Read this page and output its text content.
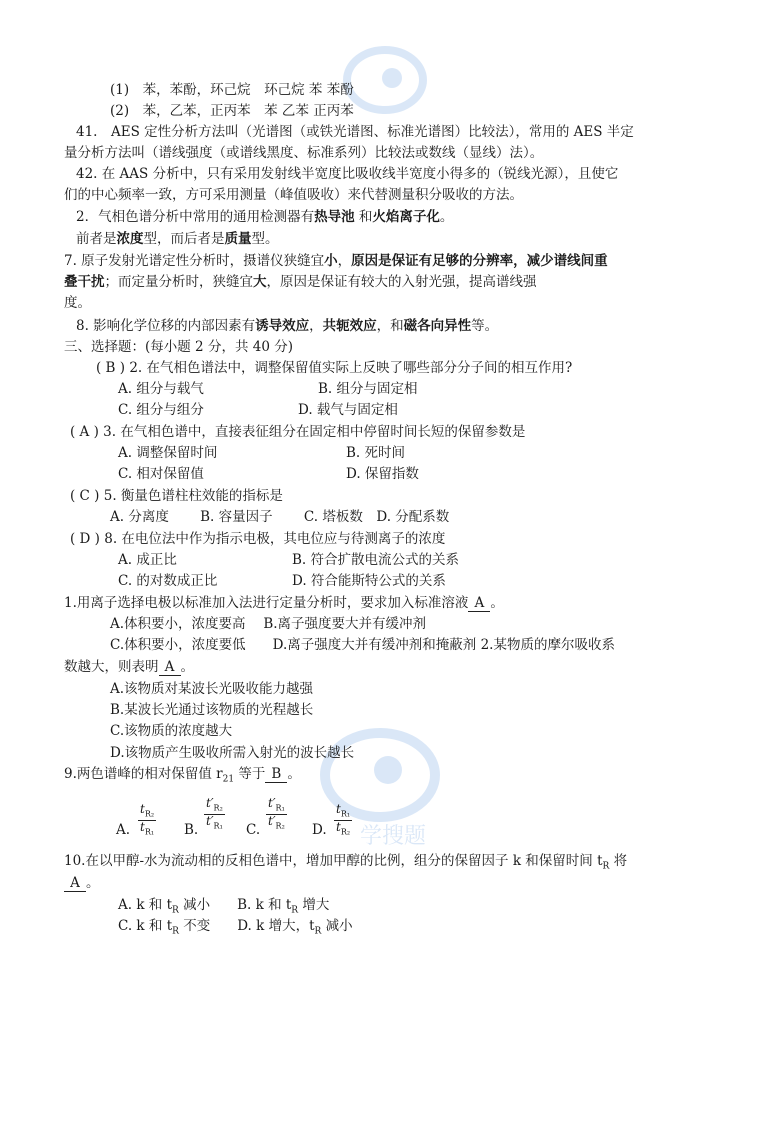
学搜题
(1)　苯，苯酚，环己烷　环己烷 苯 苯酚
(2)　苯，乙苯，正丙苯　苯 乙苯 正丙苯
41.　AES 定性分析方法叫（光谱图（或铁光谱图、标准光谱图）比较法），常用的 AES 半定
量分析方法叫（谱线强度（或谱线黑度、标准系列）比较法或数线（显线）法）。
42. 在 AAS 分析中，只有采用发射线半宽度比吸收线半宽度小得多的（锐线光源），且使它
们的中心频率一致，方可采用测量（峰值吸收）来代替测量积分吸收的方法。
2．气相色谱分析中常用的通用检测器有热导池 和火焰离子化。
前者是浓度型，而后者是质量型。
7. 原子发射光谱定性分析时，摄谱仪狭缝宜小，原因是保证有足够的分辨率，减少谱线间重
叠干扰；而定量分析时，狭缝宜大，原因是保证有较大的入射光强，提高谱线强
度。
8. 影响化学位移的内部因素有诱导效应，共轭效应，和磁各向异性等。
三、选择题：(每小题 2 分，共 40 分)
( B ) 2. 在气相色谱法中，调整保留值实际上反映了哪些部分分子间的相互作用?
A. 组分与载气	B. 组分与固定相
C. 组分与组分	D. 载气与固定相
( A ) 3. 在气相色谱中，直接表征组分在固定相中停留时间长短的保留参数是
A. 调整保留时间	B. 死时间
C. 相对保留值	D. 保留指数
( C ) 5. 衡量色谱柱柱效能的指标是
A. 分离度　　 B. 容量因子　　 C. 塔板数　D. 分配系数
( D ) 8. 在电位法中作为指示电极，其电位应与待测离子的浓度
A. 成正比	B. 符合扩散电流公式的关系
C. 的对数成正比	D. 符合能斯特公式的关系
1.用离子选择电极以标准加入法进行定量分析时，要求加入标准溶液 A 。
A.体积要小，浓度要高　 B.离子强度要大并有缓冲剂
C.体积要小，浓度要低　　D.离子强度大并有缓冲剂和掩蔽剂 2.某物质的摩尔吸收系
数越大，则表明 A 。
A.该物质对某波长光吸收能力越强
B.某波长光通过该物质的光程越长
C.该物质的浓度越大
D.该物质产生吸收所需入射光的波长越长
9.两色谱峰的相对保留值 $r_{21}$ 等于 B 。
10.在以甲醇-水为流动相的反相色谱中，增加甲醇的比例，组分的保留因子 k 和保留时间 $t_R$ 将
A 。
A. k 和 $t_R$ 减小　　B. k 和 $t_R$ 增大
C. k 和 $t_R$ 不变　　D. k 增大，$t_R$ 减小
A. $\frac{t_{R_2}}{t_{R_1}} B$. $\frac{t'_{R_2}}{t'_{R_1}} C$. $\frac{t'_{R_1}}{t'_{R_2}} D$. $\frac{t_{R_1}}{t_{R_2}}$
